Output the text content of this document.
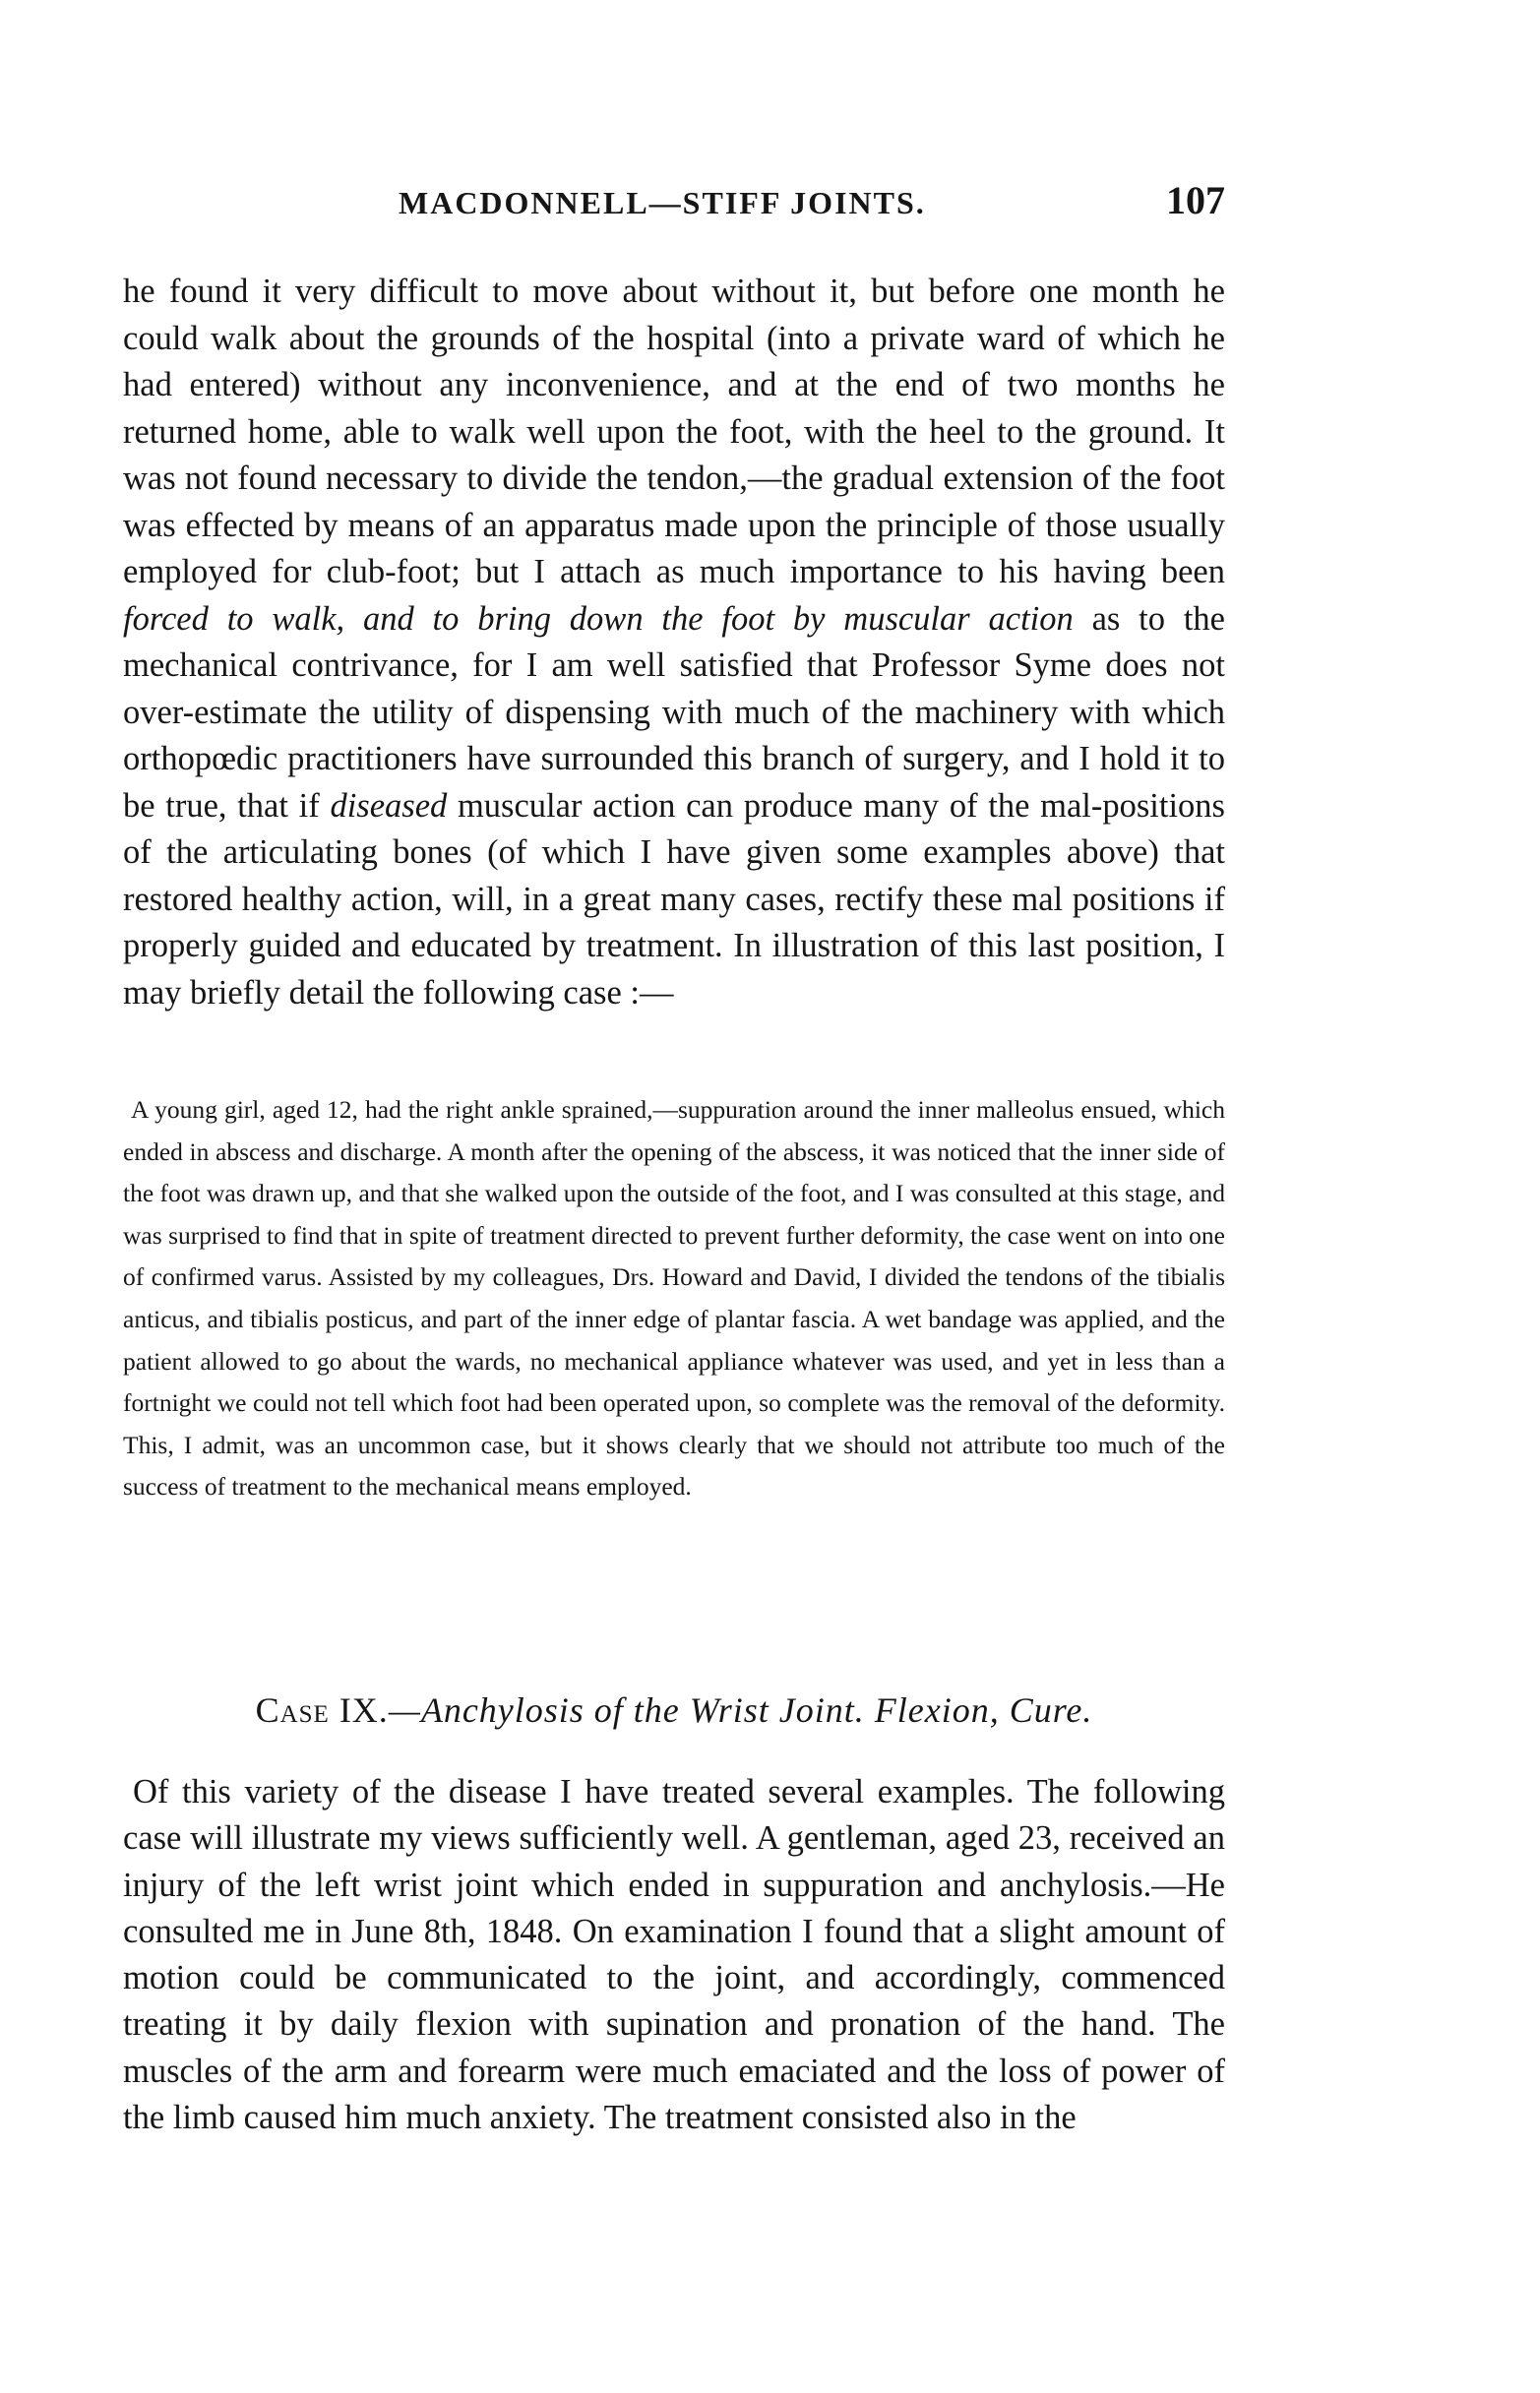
MACDONNELL—STIFF JOINTS.	107

he found it very difficult to move about without it, but before one month he could walk about the grounds of the hospital (into a private ward of which he had entered) without any inconvenience, and at the end of two months he returned home, able to walk well upon the foot, with the heel to the ground. It was not found necessary to divide the tendon,—the gradual extension of the foot was effected by means of an apparatus made upon the principle of those usually employed for club-foot; but I attach as much importance to his having been forced to walk, and to bring down the foot by muscular action as to the mechanical contrivance, for I am well satisfied that Professor Syme does not over-estimate the utility of dispensing with much of the machinery with which orthopœdic practitioners have surrounded this branch of surgery, and I hold it to be true, that if diseased muscular action can produce many of the mal-positions of the articulating bones (of which I have given some examples above) that restored healthy action, will, in a great many cases, rectify these mal positions if properly guided and educated by treatment. In illustration of this last position, I may briefly detail the following case :—

A young girl, aged 12, had the right ankle sprained,—suppuration around the inner malleolus ensued, which ended in abscess and discharge. A month after the opening of the abscess, it was noticed that the inner side of the foot was drawn up, and that she walked upon the outside of the foot, and I was consulted at this stage, and was surprised to find that in spite of treatment directed to prevent further deformity, the case went on into one of confirmed varus. Assisted by my colleagues, Drs. Howard and David, I divided the tendons of the tibialis anticus, and tibialis posticus, and part of the inner edge of plantar fascia. A wet bandage was applied, and the patient allowed to go about the wards, no mechanical appliance whatever was used, and yet in less than a fortnight we could not tell which foot had been operated upon, so complete was the removal of the deformity. This, I admit, was an uncommon case, but it shows clearly that we should not attribute too much of the success of treatment to the mechanical means employed.

Case IX.—Anchylosis of the Wrist Joint. Flexion, Cure.

Of this variety of the disease I have treated several examples. The following case will illustrate my views sufficiently well. A gentleman, aged 23, received an injury of the left wrist joint which ended in suppuration and anchylosis.—He consulted me in June 8th, 1848. On examination I found that a slight amount of motion could be communicated to the joint, and accordingly, commenced treating it by daily flexion with supination and pronation of the hand. The muscles of the arm and forearm were much emaciated and the loss of power of the limb caused him much anxiety. The treatment consisted also in the
